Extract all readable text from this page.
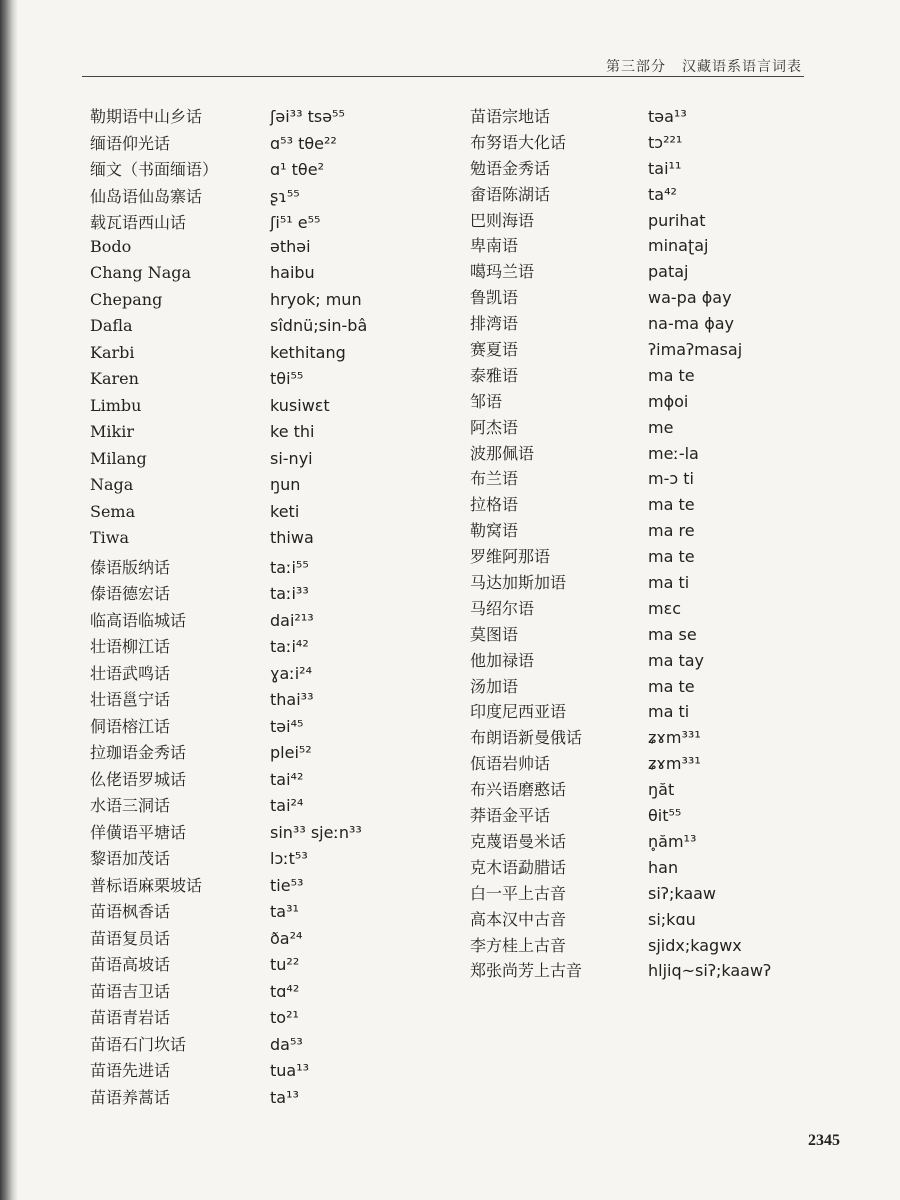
第三部分 汉藏语系语言词表
勒期语中山乡话	ʃəi³³ tsə⁵⁵
缅语仰光话	ɑ⁵³ tθe²²
缅文（书面缅语）	ɑ¹ tθe²
仙岛语仙岛寨话	ʂɿ⁵⁵
载瓦语西山话	ʃi⁵¹ e⁵⁵
Bodo	əthəi
Chang Naga	haibu
Chepang	hryok; mun
Dafla	sîdnü;sin-bâ
Karbi	kethitang
Karen	tθi⁵⁵
Limbu	kusiwɛt
Mikir	ke thi
Milang	si-nyi
Naga	ŋun
Sema	keti
Tiwa	thiwa
傣语版纳话	taːi⁵⁵
傣语德宏话	taːi³³
临高语临城话	dai²¹³
壮语柳江话	taːi⁴²
壮语武鸣话	ɣaːi²⁴
壮语邕宁话	thai³³
侗语榕江话	təi⁴⁵
拉珈语金秀话	plei⁵²
仫佬语罗城话	tai⁴²
水语三洞话	tai²⁴
佯僙语平塘话	sin³³ sjeːn³³
黎语加茂话	lɔːt⁵³
普标语麻栗坡话	tie⁵³
苗语枫香话	ta³¹
苗语复员话	ða²⁴
苗语高坡话	tu²²
苗语吉卫话	tɑ⁴²
苗语青岩话	to²¹
苗语石门坎话	da⁵³
苗语先进话	tua¹³
苗语养蒿话	ta¹³
苗语宗地话	təa¹³
布努语大化话	tɔ²²¹
勉语金秀话	tai¹¹
畲语陈湖话	ta⁴²
巴则海语	purihat
卑南语	minaʈaj
噶玛兰语	pataj
鲁凯语	wa-pa ɸay
排湾语	na-ma ɸay
赛夏语	ʔimaʔmasaj
泰雅语	ma te
邹语	mɸoi
阿杰语	me
波那佩语	meː-la
布兰语	m-ɔ ti
拉格语	ma te
勒窝语	ma re
罗维阿那语	ma te
马达加斯加语	ma ti
马绍尔语	mɛc
莫图语	ma se
他加禄语	ma tay
汤加语	ma te
印度尼西亚语	ma ti
布朗语新曼俄话	ʑɤm³³¹
佤语岩帅话	ʑɤm³³¹
布兴语磨憨话	ŋăt
莽语金平话	θit⁵⁵
克蔑语曼米话	n̥ăm¹³
克木语勐腊话	han
白一平上古音	siʔ;kaaw
高本汉中古音	si;kɑu
李方桂上古音	sjidx;kagwx
郑张尚芳上古音	hljiq~siʔ;kaawʔ
2345
